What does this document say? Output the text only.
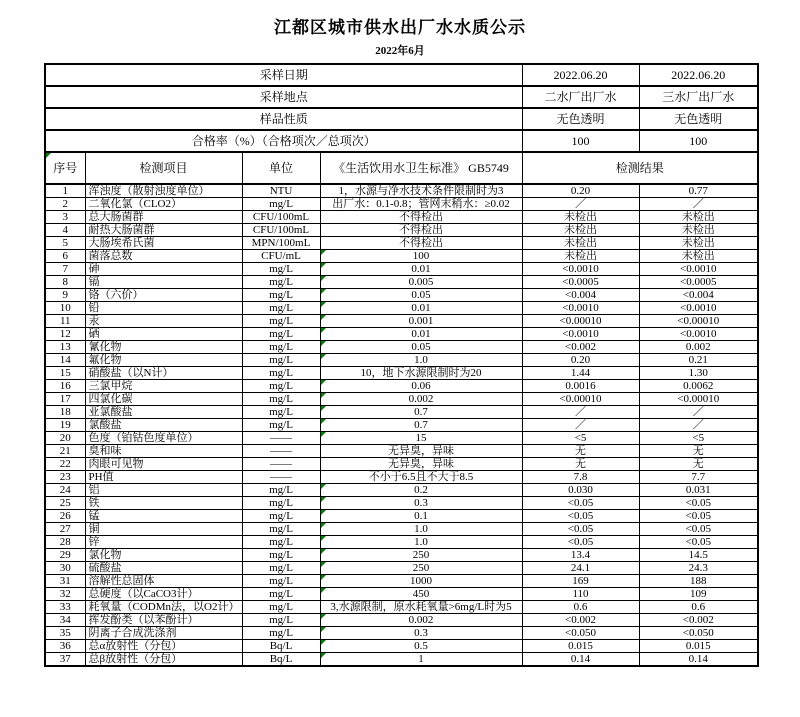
江都区城市供水出厂水水质公示
2022年6月
采样日期				2022.06.20	2022.06.20
采样地点				二水厂出厂水	三水厂出厂水
样品性质				无色透明	无色透明
合格率（%）（合格项次／总项次）				100	100

序号	检测项目	单位	《生活饮用水卫生标准》 GB5749	检测结果	
1	浑浊度（散射浊度单位）	NTU	1，水源与净水技术条件限制时为3	0.20	0.77
2	二氧化氯（CLO2）	mg/L	出厂水：0.1-0.8；管网末稍水：≥0.02	／	／
3	总大肠菌群	CFU/100mL	不得检出	未检出	未检出
4	耐热大肠菌群	CFU/100mL	不得检出	未检出	未检出
5	大肠埃希氏菌	MPN/100mL	不得检出	未检出	未检出
6	菌落总数	CFU/mL	100	未检出	未检出
7	砷	mg/L	0.01	<0.0010	<0.0010
8	镉	mg/L	0.005	<0.0005	<0.0005
9	铬（六价）	mg/L	0.05	<0.004	<0.004
10	铅	mg/L	0.01	<0.0010	<0.0010
11	汞	mg/L	0.001	<0.00010	<0.00010
12	硒	mg/L	0.01	<0.0010	<0.0010
13	氰化物	mg/L	0.05	<0.002	0.002
14	氟化物	mg/L	1.0	0.20	0.21
15	硝酸盐（以N计）	mg/L	10，地下水源限制时为20	1.44	1.30
16	三氯甲烷	mg/L	0.06	0.0016	0.0062
17	四氯化碳	mg/L	0.002	<0.00010	<0.00010
18	亚氯酸盐	mg/L	0.7	／	／
19	氯酸盐	mg/L	0.7	／	／
20	色度（铂钴色度单位）	——	15	<5	<5
21	臭和味	——	无异臭，异味	无	无
22	肉眼可见物	——	无异臭，异味	无	无
23	PH值	——	不小于6.5且不大于8.5	7.8	7.7
24	铝	mg/L	0.2	0.030	0.031
25	铁	mg/L	0.3	<0.05	<0.05
26	锰	mg/L	0.1	<0.05	<0.05
27	铜	mg/L	1.0	<0.05	<0.05
28	锌	mg/L	1.0	<0.05	<0.05
29	氯化物	mg/L	250	13.4	14.5
30	硫酸盐	mg/L	250	24.1	24.3
31	溶解性总固体	mg/L	1000	169	188
32	总硬度（以CaCO3计）	mg/L	450	110	109
33	耗氧量（CODMn法，以O2计）	mg/L	3,水源限制，原水耗氧量>6mg/L时为5	0.6	0.6
34	挥发酚类（以苯酚计）	mg/L	0.002	<0.002	<0.002
35	阴离子合成洗涤剂	mg/L	0.3	<0.050	<0.050
36	总α放射性（分包）	Bq/L	0.5	0.015	0.015
37	总β放射性（分包）	Bq/L	1	0.14	0.14
